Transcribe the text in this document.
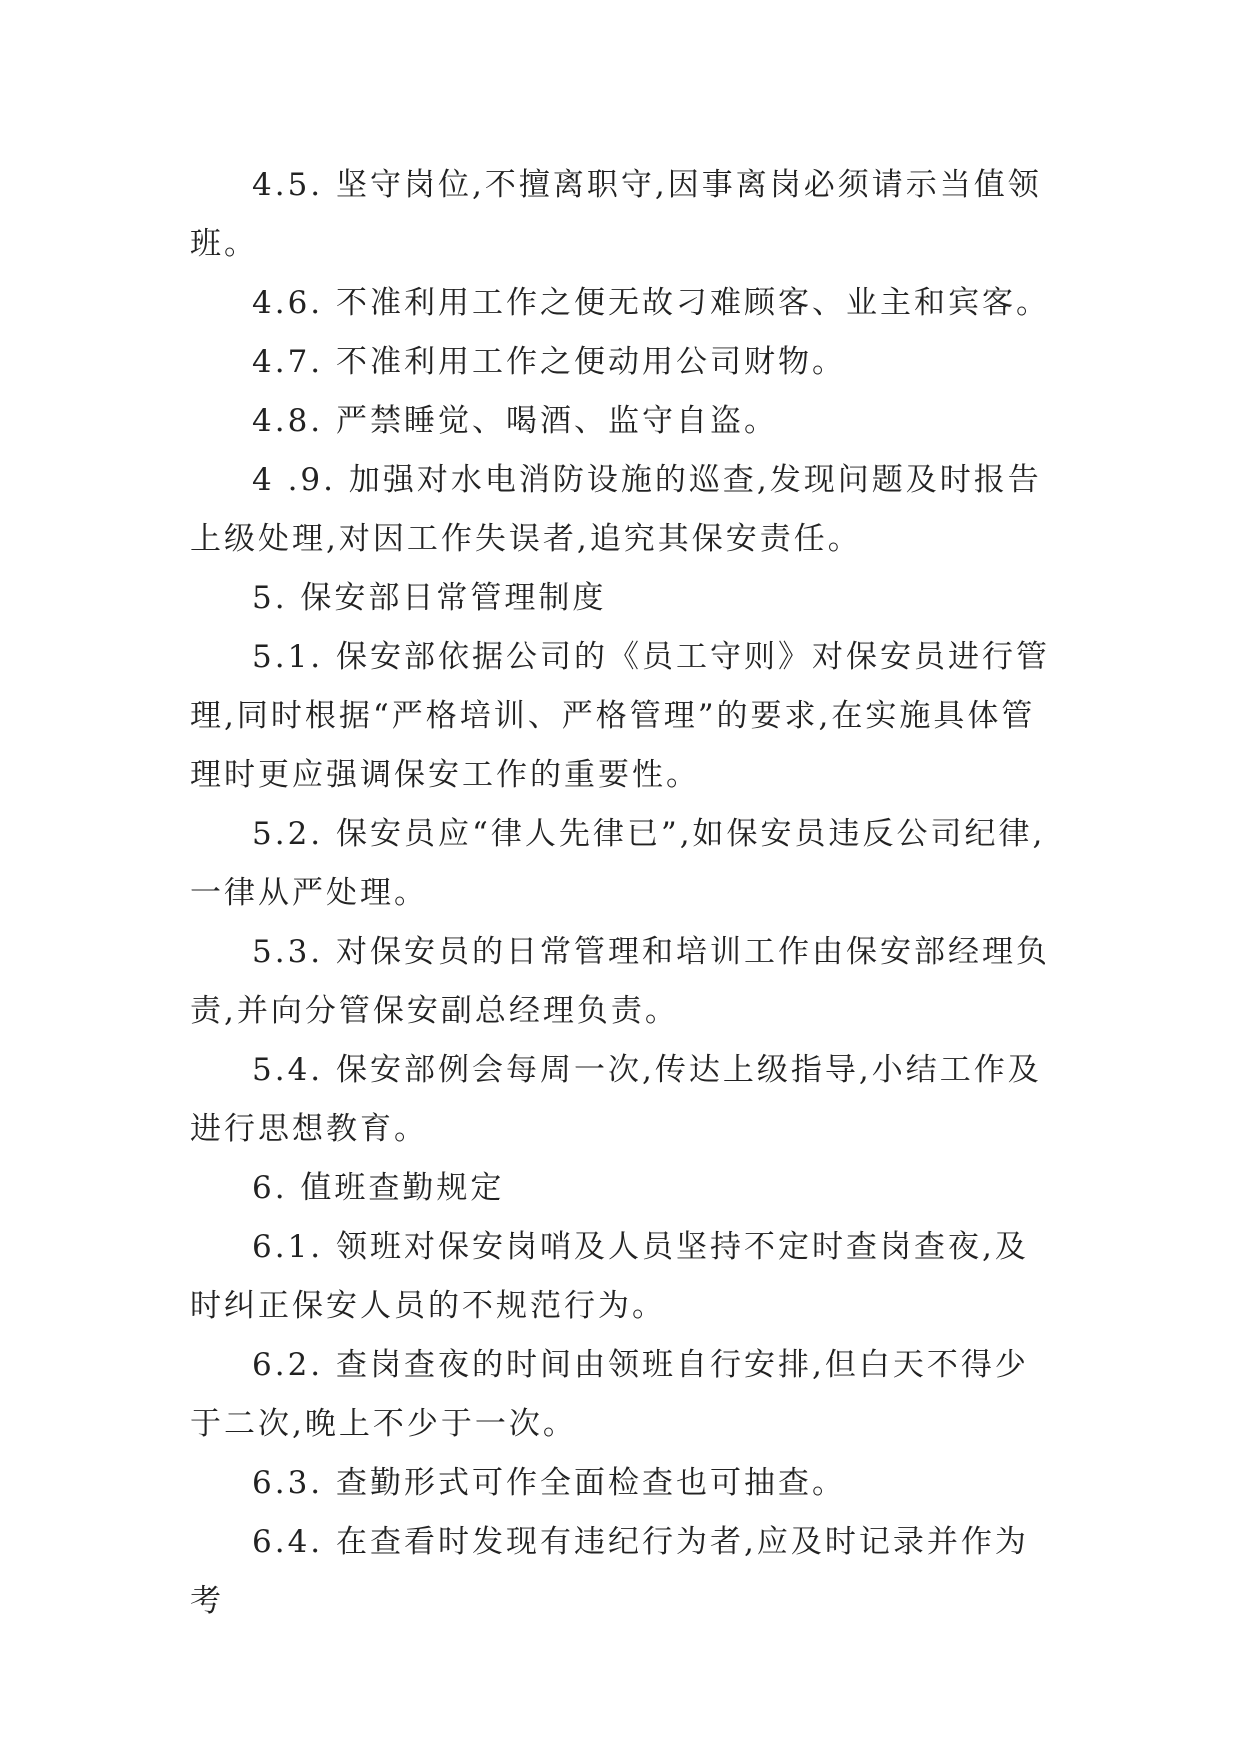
4.5. 坚守岗位,不擅离职守,因事离岗必须请示当值领班。

4.6. 不准利用工作之便无故刁难顾客、业主和宾客。

4.7. 不准利用工作之便动用公司财物。

4.8. 严禁睡觉、喝酒、监守自盗。

4 .9. 加强对水电消防设施的巡查,发现问题及时报告上级处理,对因工作失误者,追究其保安责任。

5. 保安部日常管理制度

5.1. 保安部依据公司的《员工守则》对保安员进行管理,同时根据“严格培训、严格管理”的要求,在实施具体管理时更应强调保安工作的重要性。

5.2. 保安员应“律人先律已”,如保安员违反公司纪律,一律从严处理。

5.3. 对保安员的日常管理和培训工作由保安部经理负责,并向分管保安副总经理负责。

5.4. 保安部例会每周一次,传达上级指导,小结工作及进行思想教育。

6. 值班查勤规定

6.1. 领班对保安岗哨及人员坚持不定时查岗查夜,及时纠正保安人员的不规范行为。

6.2. 查岗查夜的时间由领班自行安排,但白天不得少于二次,晚上不少于一次。

6.3. 查勤形式可作全面检查也可抽查。

6.4. 在查看时发现有违纪行为者,应及时记录并作为考
